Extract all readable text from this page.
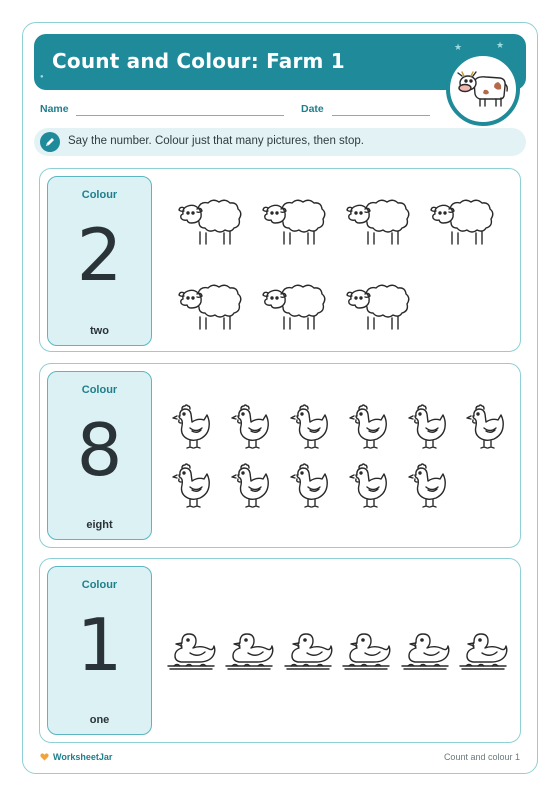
Count and Colour: Farm 1
★	★
●
Name	Date
Say the number. Colour just that many pictures, then stop.
Colour
2
two
Colour
8
eight
Colour
1
one
WorksheetJar	Count and colour 1
